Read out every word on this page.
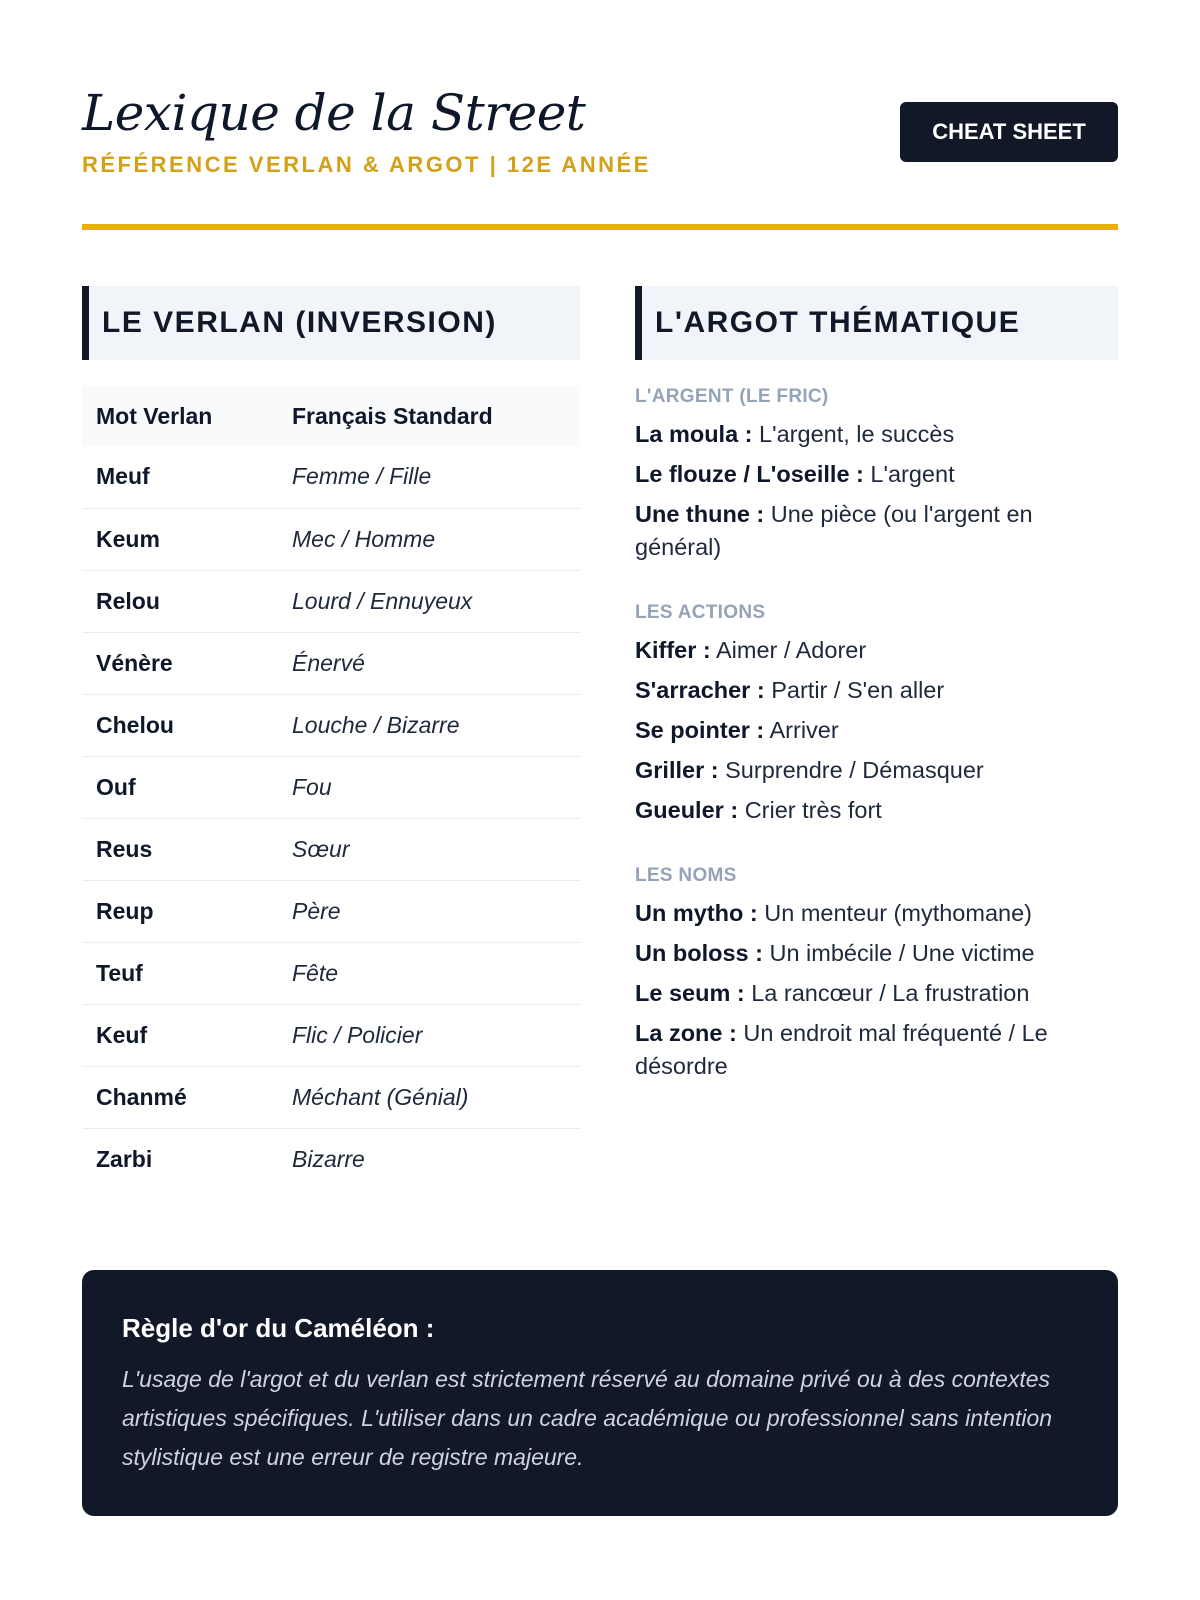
Lexique de la Street

RÉFÉRENCE VERLAN & ARGOT | 12E ANNÉE

CHEAT SHEET
LE VERLAN (INVERSION)
Mot Verlan	Français Standard
Meuf	Femme / Fille
Keum	Mec / Homme
Relou	Lourd / Ennuyeux
Vénère	Énervé
Chelou	Louche / Bizarre
Ouf	Fou
Reus	Sœur
Reup	Père
Teuf	Fête
Keuf	Flic / Policier
Chanmé	Méchant (Génial)
Zarbi	Bizarre
L'ARGOT THÉMATIQUE

L'ARGENT (LE FRIC)

La moula : L'argent, le succès

Le flouze / L'oseille : L'argent

Une thune : Une pièce (ou l'argent en général)

LES ACTIONS

Kiffer : Aimer / Adorer

S'arracher : Partir / S'en aller

Se pointer : Arriver

Griller : Surprendre / Démasquer

Gueuler : Crier très fort

LES NOMS

Un mytho : Un menteur (mythomane)

Un boloss : Un imbécile / Une victime

Le seum : La rancœur / La frustration

La zone : Un endroit mal fréquenté / Le désordre

Règle d'or du Caméléon :

L'usage de l'argot et du verlan est strictement réservé au domaine privé ou à des contextes artistiques spécifiques. L'utiliser dans un cadre académique ou professionnel sans intention stylistique est une erreur de registre majeure.
